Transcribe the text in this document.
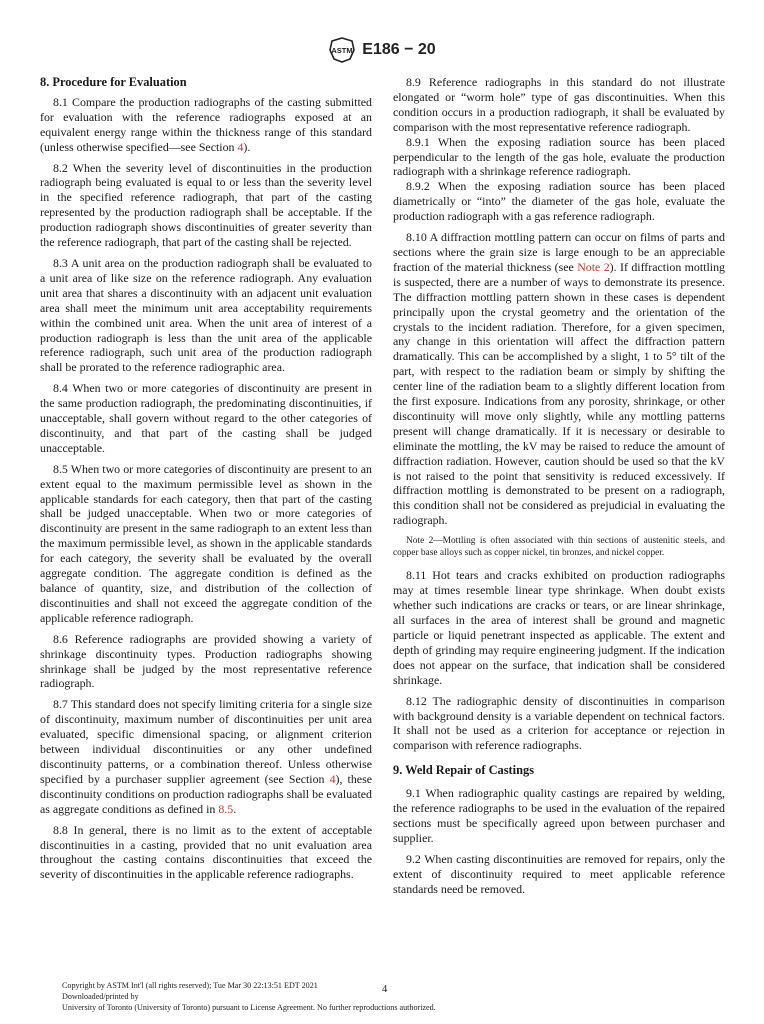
ASTM E186 − 20
8. Procedure for Evaluation

8.1 Compare the production radiographs of the casting submitted for evaluation with the reference radiographs exposed at an equivalent energy range within the thickness range of this standard (unless otherwise specified—see Section 4).

8.2 When the severity level of discontinuities in the production radiograph being evaluated is equal to or less than the severity level in the specified reference radiograph, that part of the casting represented by the production radiograph shall be acceptable. If the production radiograph shows discontinuities of greater severity than the reference radiograph, that part of the casting shall be rejected.

8.3 A unit area on the production radiograph shall be evaluated to a unit area of like size on the reference radiograph. Any evaluation unit area that shares a discontinuity with an adjacent unit evaluation area shall meet the minimum unit area acceptability requirements within the combined unit area. When the unit area of interest of a production radiograph is less than the unit area of the applicable reference radiograph, such unit area of the production radiograph shall be prorated to the reference radiographic area.

8.4 When two or more categories of discontinuity are present in the same production radiograph, the predominating discontinuities, if unacceptable, shall govern without regard to the other categories of discontinuity, and that part of the casting shall be judged unacceptable.

8.5 When two or more categories of discontinuity are present to an extent equal to the maximum permissible level as shown in the applicable standards for each category, then that part of the casting shall be judged unacceptable. When two or more categories of discontinuity are present in the same radiograph to an extent less than the maximum permissible level, as shown in the applicable standards for each category, the severity shall be evaluated by the overall aggregate condition. The aggregate condition is defined as the balance of quantity, size, and distribution of the collection of discontinuities and shall not exceed the aggregate condition of the applicable reference radiograph.

8.6 Reference radiographs are provided showing a variety of shrinkage discontinuity types. Production radiographs showing shrinkage shall be judged by the most representative reference radiograph.

8.7 This standard does not specify limiting criteria for a single size of discontinuity, maximum number of discontinuities per unit area evaluated, specific dimensional spacing, or alignment criterion between individual discontinuities or any other undefined discontinuity patterns, or a combination thereof. Unless otherwise specified by a purchaser supplier agreement (see Section 4), these discontinuity conditions on production radiographs shall be evaluated as aggregate conditions as defined in 8.5.

8.8 In general, there is no limit as to the extent of acceptable discontinuities in a casting, provided that no unit evaluation area throughout the casting contains discontinuities that exceed the severity of discontinuities in the applicable reference radiographs.

8.9 Reference radiographs in this standard do not illustrate elongated or “worm hole” type of gas discontinuities. When this condition occurs in a production radiograph, it shall be evaluated by comparison with the most representative reference radiograph.

8.9.1 When the exposing radiation source has been placed perpendicular to the length of the gas hole, evaluate the production radiograph with a shrinkage reference radiograph.

8.9.2 When the exposing radiation source has been placed diametrically or “into” the diameter of the gas hole, evaluate the production radiograph with a gas reference radiograph.

8.10 A diffraction mottling pattern can occur on films of parts and sections where the grain size is large enough to be an appreciable fraction of the material thickness (see Note 2). If diffraction mottling is suspected, there are a number of ways to demonstrate its presence. The diffraction mottling pattern shown in these cases is dependent principally upon the crystal geometry and the orientation of the crystals to the incident radiation. Therefore, for a given specimen, any change in this orientation will affect the diffraction pattern dramatically. This can be accomplished by a slight, 1 to 5° tilt of the part, with respect to the radiation beam or simply by shifting the center line of the radiation beam to a slightly different location from the first exposure. Indications from any porosity, shrinkage, or other discontinuity will move only slightly, while any mottling patterns present will change dramatically. If it is necessary or desirable to eliminate the mottling, the kV may be raised to reduce the amount of diffraction radiation. However, caution should be used so that the kV is not raised to the point that sensitivity is reduced excessively. If diffraction mottling is demonstrated to be present on a radiograph, this condition shall not be considered as prejudicial in evaluating the radiograph.

Note 2—Mottling is often associated with thin sections of austenitic steels, and copper base alloys such as copper nickel, tin bronzes, and nickel copper.

8.11 Hot tears and cracks exhibited on production radiographs may at times resemble linear type shrinkage. When doubt exists whether such indications are cracks or tears, or are linear shrinkage, all surfaces in the area of interest shall be ground and magnetic particle or liquid penetrant inspected as applicable. The extent and depth of grinding may require engineering judgment. If the indication does not appear on the surface, that indication shall be considered shrinkage.

8.12 The radiographic density of discontinuities in comparison with background density is a variable dependent on technical factors. It shall not be used as a criterion for acceptance or rejection in comparison with reference radiographs.

9. Weld Repair of Castings

9.1 When radiographic quality castings are repaired by welding, the reference radiographs to be used in the evaluation of the repaired sections must be specifically agreed upon between purchaser and supplier.

9.2 When casting discontinuities are removed for repairs, only the extent of discontinuity required to meet applicable reference standards need be removed.

Copyright by ASTM Int'l (all rights reserved); Tue Mar 30 22:13:51 EDT 2021
Downloaded/printed by
University of Toronto (University of Toronto) pursuant to License Agreement. No further reproductions authorized.
4
